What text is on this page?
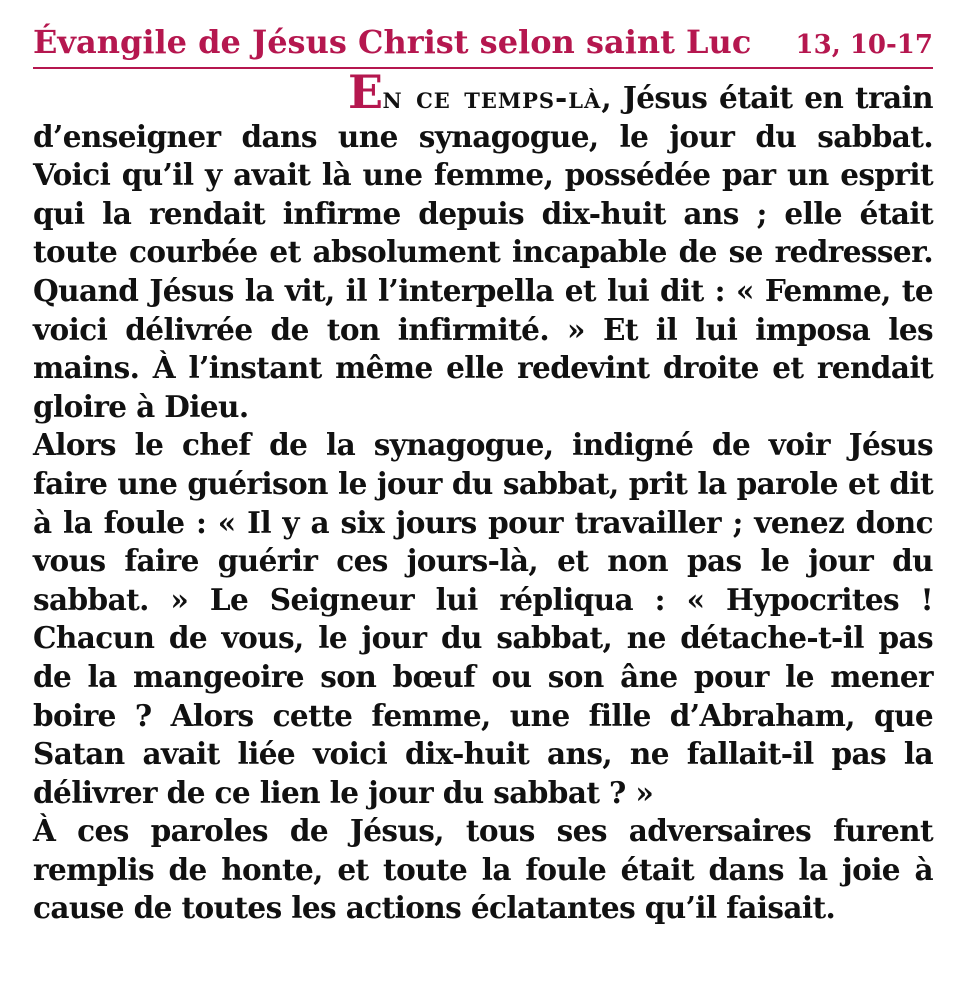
Évangile de Jésus Christ selon saint Luc 13, 10-17

En ce temps-là, Jésus était en train d’enseigner dans une synagogue, le jour du sabbat. Voici qu’il y avait là une femme, possédée par un esprit qui la rendait infirme depuis dix-huit ans ; elle était toute courbée et absolument incapable de se redresser. Quand Jésus la vit, il l’interpella et lui dit : « Femme, te voici délivrée de ton infirmité. » Et il lui imposa les mains. À l’instant même elle redevint droite et rendait gloire à Dieu.

Alors le chef de la synagogue, indigné de voir Jésus faire une guérison le jour du sabbat, prit la parole et dit à la foule : « Il y a six jours pour travailler ; venez donc vous faire guérir ces jours-là, et non pas le jour du sabbat. » Le Seigneur lui répliqua : « Hypocrites ! Chacun de vous, le jour du sabbat, ne détache-t-il pas de la mangeoire son bœuf ou son âne pour le mener boire ? Alors cette femme, une fille d’Abraham, que Satan avait liée voici dix-huit ans, ne fallait-il pas la délivrer de ce lien le jour du sabbat ? »

À ces paroles de Jésus, tous ses adversaires furent remplis de honte, et toute la foule était dans la joie à cause de toutes les actions éclatantes qu’il faisait.
